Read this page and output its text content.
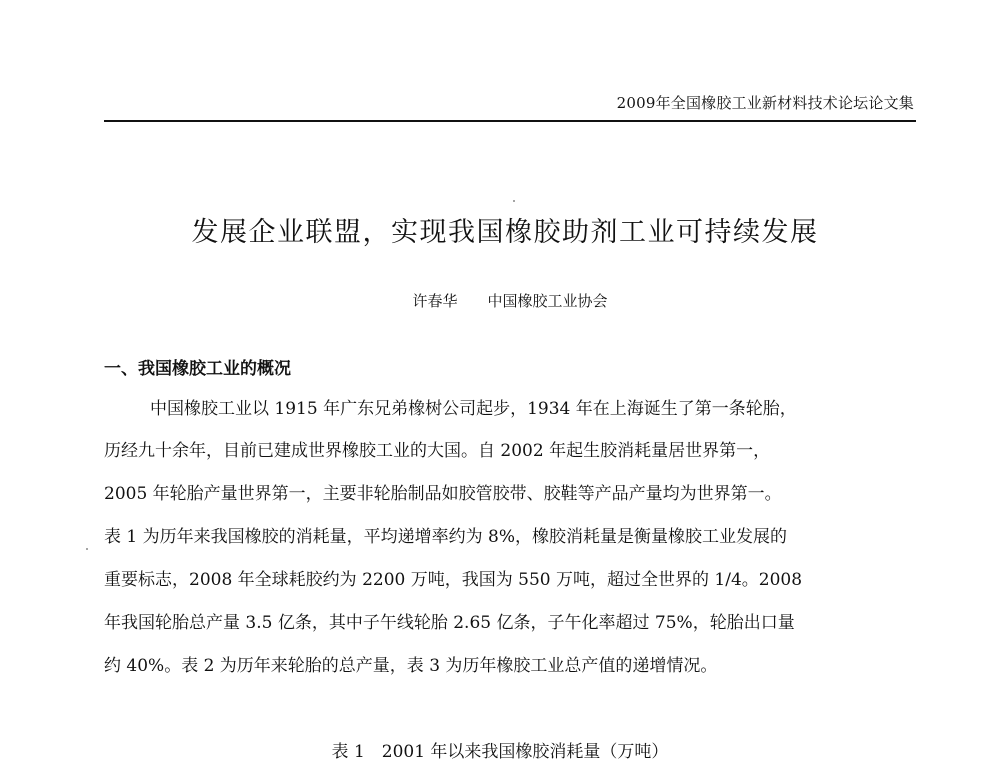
2009年全国橡胶工业新材料技术论坛论文集
发展企业联盟，实现我国橡胶助剂工业可持续发展
许春华 中国橡胶工业协会
一、我国橡胶工业的概况
中国橡胶工业以 1915 年广东兄弟橡树公司起步，1934 年在上海诞生了第一条轮胎，
历经九十余年，目前已建成世界橡胶工业的大国。自 2002 年起生胶消耗量居世界第一，
2005 年轮胎产量世界第一，主要非轮胎制品如胶管胶带、胶鞋等产品产量均为世界第一。
表 1 为历年来我国橡胶的消耗量，平均递增率约为 8%，橡胶消耗量是衡量橡胶工业发展的
重要标志，2008 年全球耗胶约为 2200 万吨，我国为 550 万吨，超过全世界的 1/4。2008
年我国轮胎总产量 3.5 亿条，其中子午线轮胎 2.65 亿条，子午化率超过 75%，轮胎出口量
约 40%。表 2 为历年来轮胎的总产量，表 3 为历年橡胶工业总产值的递增情况。
表 1　2001 年以来我国橡胶消耗量（万吨）
